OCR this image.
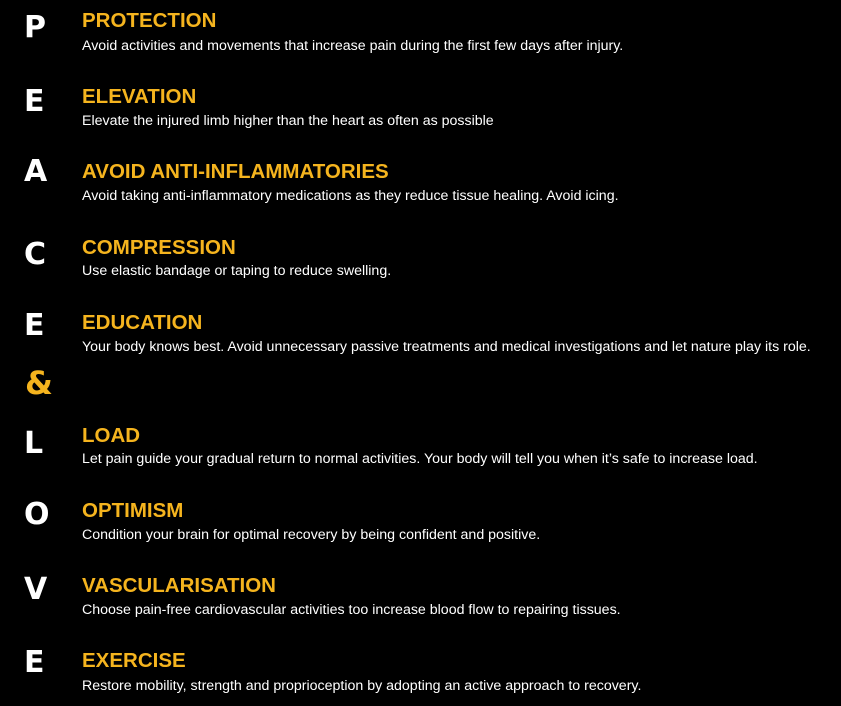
P	PROTECTION
Avoid activities and movements that increase pain during the first few days after injury.
E	ELEVATION
Elevate the injured limb higher than the heart as often as possible
A	AVOID ANTI-INFLAMMATORIES
Avoid taking anti-inflammatory medications as they reduce tissue healing. Avoid icing.
C	COMPRESSION
Use elastic bandage or taping to reduce swelling.
E	EDUCATION
Your body knows best. Avoid unnecessary passive treatments and medical investigations and let nature play its role.
&
L	LOAD
Let pain guide your gradual return to normal activities. Your body will tell you when it’s safe to increase load.
O OPTIMISM
Condition your brain for optimal recovery by being confident and positive.
V	VASCULARISATION
Choose pain-free cardiovascular activities too increase blood flow to repairing tissues.
E	EXERCISE
Restore mobility, strength and proprioception by adopting an active approach to recovery.
